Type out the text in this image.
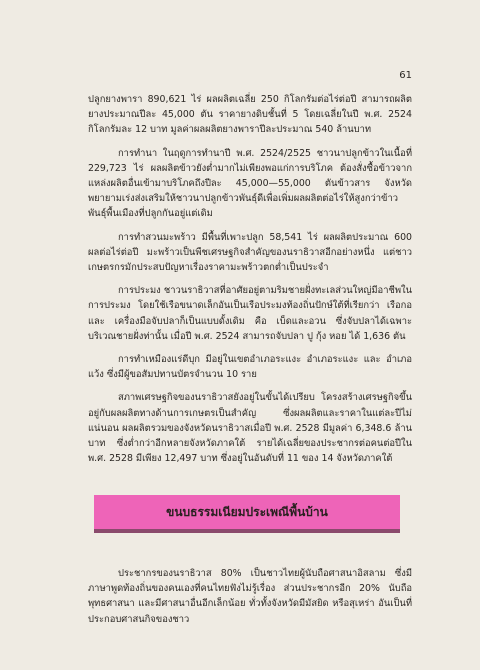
61

ปลูกยางพารา 890,621 ไร่ ผลผลิตเฉลี่ย 250 กิโลกรัมต่อไร่ต่อปี สามารถผลิตยางประมาณปีละ 45,000 ตัน ราคายางดิบชั้นที่ 5 โดยเฉลี่ยในปี พ.ศ. 2524 กิโลกรัมละ 12 บาท มูลค่าผลผลิตยางพาราปีละประมาณ 540 ล้านบาท

การทำนา ในฤดูการทำนาปี พ.ศ. 2524/2525 ชาวนาปลูกข้าวในเนื้อที่ 229,723 ไร่ ผลผลิตข้าวยังต่ำมากไม่เพียงพอแก่การบริโภค ต้องสั่งซื้อข้าวจากแหล่งผลิตอื่นเข้ามาบริโภคถึงปีละ 45,000—55,000 ตันข้าวสาร จังหวัดพยายามเร่งส่งเสริมให้ชาวนาปลูกข้าวพันธุ์ดีเพื่อเพิ่มผลผลิตต่อไร่ให้สูงกว่าข้าวพันธุ์พื้นเมืองที่ปลูกกันอยู่แต่เดิม

การทำสวนมะพร้าว มีพื้นที่เพาะปลูก 58,541 ไร่ ผลผลิตประมาณ 600 ผลต่อไร่ต่อปี มะพร้าวเป็นพืชเศรษฐกิจสำคัญของนราธิวาสอีกอย่างหนึ่ง แต่ชาวเกษตรกรมักประสบปัญหาเรื่องราคามะพร้าวตกต่ำเป็นประจำ

การประมง ชาวนราธิวาสที่อาศัยอยู่ตามริมชายฝั่งทะเลส่วนใหญ่มีอาชีพในการประมง โดยใช้เรือขนาดเล็กอันเป็นเรือประมงท้องถิ่นปักษ์ใต้ที่เรียกว่า เรือกอและ เครื่องมือจับปลาก็เป็นแบบดั้งเดิม คือ เบ็ดและอวน ซึ่งจับปลาได้เฉพาะบริเวณชายฝั่งท่านั้น เมื่อปี พ.ศ. 2524 สามารถจับปลา ปู กุ้ง หอย ได้ 1,636 ตัน

การทำเหมืองแร่ดีบุก มีอยู่ในเขตอำเภอระแงะ อำเภอระแงะ และ อำเภอแว้ง ซึ่งมีผู้ขอสัมปทานบัตรจำนวน 10 ราย

สภาพเศรษฐกิจของนราธิวาสยังอยู่ในขั้นได้เปรียบ โครงสร้างเศรษฐกิจขึ้นอยู่กับผลผลิตทางด้านการเกษตรเป็นสำคัญ ซึ่งผลผลิตและราคาในแต่ละปีไม่แน่นอน ผลผลิตรวมของจังหวัดนราธิวาสเมื่อปี พ.ศ. 2528 มีมูลค่า 6,348.6 ล้านบาท ซึ่งต่ำกว่าอีกหลายจังหวัดภาคใต้ รายได้เฉลี่ยของประชากรต่อคนต่อปีใน พ.ศ. 2528 มีเพียง 12,497 บาท ซึ่งอยู่ในอันดับที่ 11 ของ 14 จังหวัดภาคใต้

ขนบธรรมเนียมประเพณีพื้นบ้าน

ประชากรของนราธิวาส 80% เป็นชาวไทยผู้นับถือศาสนาอิสลาม ซึ่งมีภาษาพูดท้องถิ่นของคนเองที่คนไทยฟังไม่รู้เรื่อง ส่วนประชากรอีก 20% นับถือพุทธศาสนา และมีศาสนาอื่นอีกเล็กน้อย ทั่วทั้งจังหวัดมีมัสยิด หรือสุเหร่า อันเป็นที่ประกอบศาสนกิจของชาว
